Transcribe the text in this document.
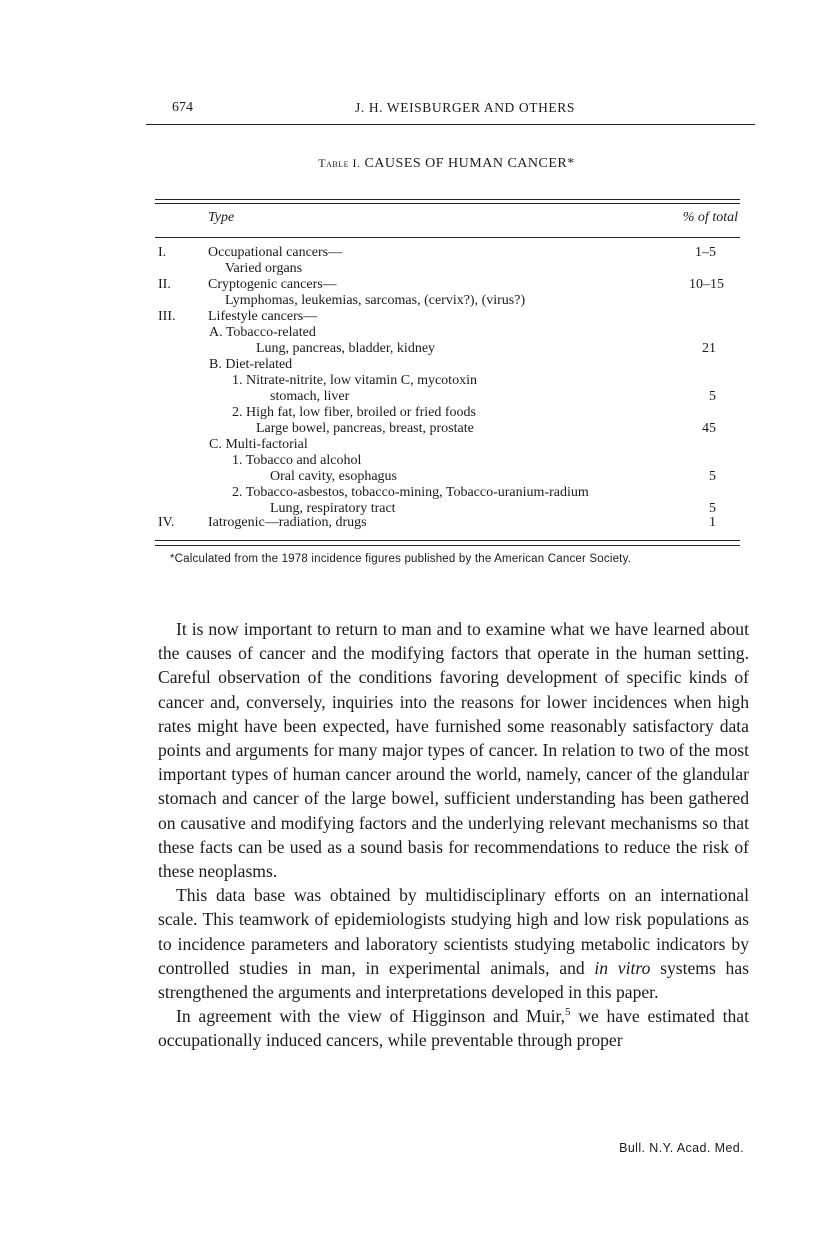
674	J. H. WEISBURGER AND OTHERS
Table I. CAUSES OF HUMAN CANCER*
Type	% of total
I.	Occupational cancers—	1–5
Varied organs
II.	Cryptogenic cancers—	10–15
Lymphomas, leukemias, sarcomas, (cervix?), (virus?)
III. Lifestyle cancers—
A. Tobacco-related
Lung, pancreas, bladder, kidney	21
B. Diet-related
1. Nitrate-nitrite, low vitamin C, mycotoxin
stomach, liver	5
2. High fat, low fiber, broiled or fried foods
Large bowel, pancreas, breast, prostate	45
C. Multi-factorial
1. Tobacco and alcohol
Oral cavity, esophagus	5
2. Tobacco-asbestos, tobacco-mining, Tobacco-uranium-radium
Lung, respiratory tract	5
IV. Iatrogenic—radiation, drugs	1
*Calculated from the 1978 incidence figures published by the American Cancer Society.

It is now important to return to man and to examine what we have learned about the causes of cancer and the modifying factors that operate in the human setting. Careful observation of the conditions favoring development of specific kinds of cancer and, conversely, inquiries into the reasons for lower incidences when high rates might have been expected, have furnished some reasonably satisfactory data points and arguments for many major types of cancer. In relation to two of the most important types of human cancer around the world, namely, cancer of the glandular stomach and cancer of the large bowel, sufficient understanding has been gathered on causative and modifying factors and the underlying relevant mechanisms so that these facts can be used as a sound basis for recommendations to reduce the risk of these neoplasms.

This data base was obtained by multidisciplinary efforts on an international scale. This teamwork of epidemiologists studying high and low risk populations as to incidence parameters and laboratory scientists studying metabolic indicators by controlled studies in man, in experimental animals, and in vitro systems has strengthened the arguments and interpretations developed in this paper.

In agreement with the view of Higginson and Muir,$^5$ we have estimated that occupationally induced cancers, while preventable through proper

Bull. N.Y. Acad. Med.
